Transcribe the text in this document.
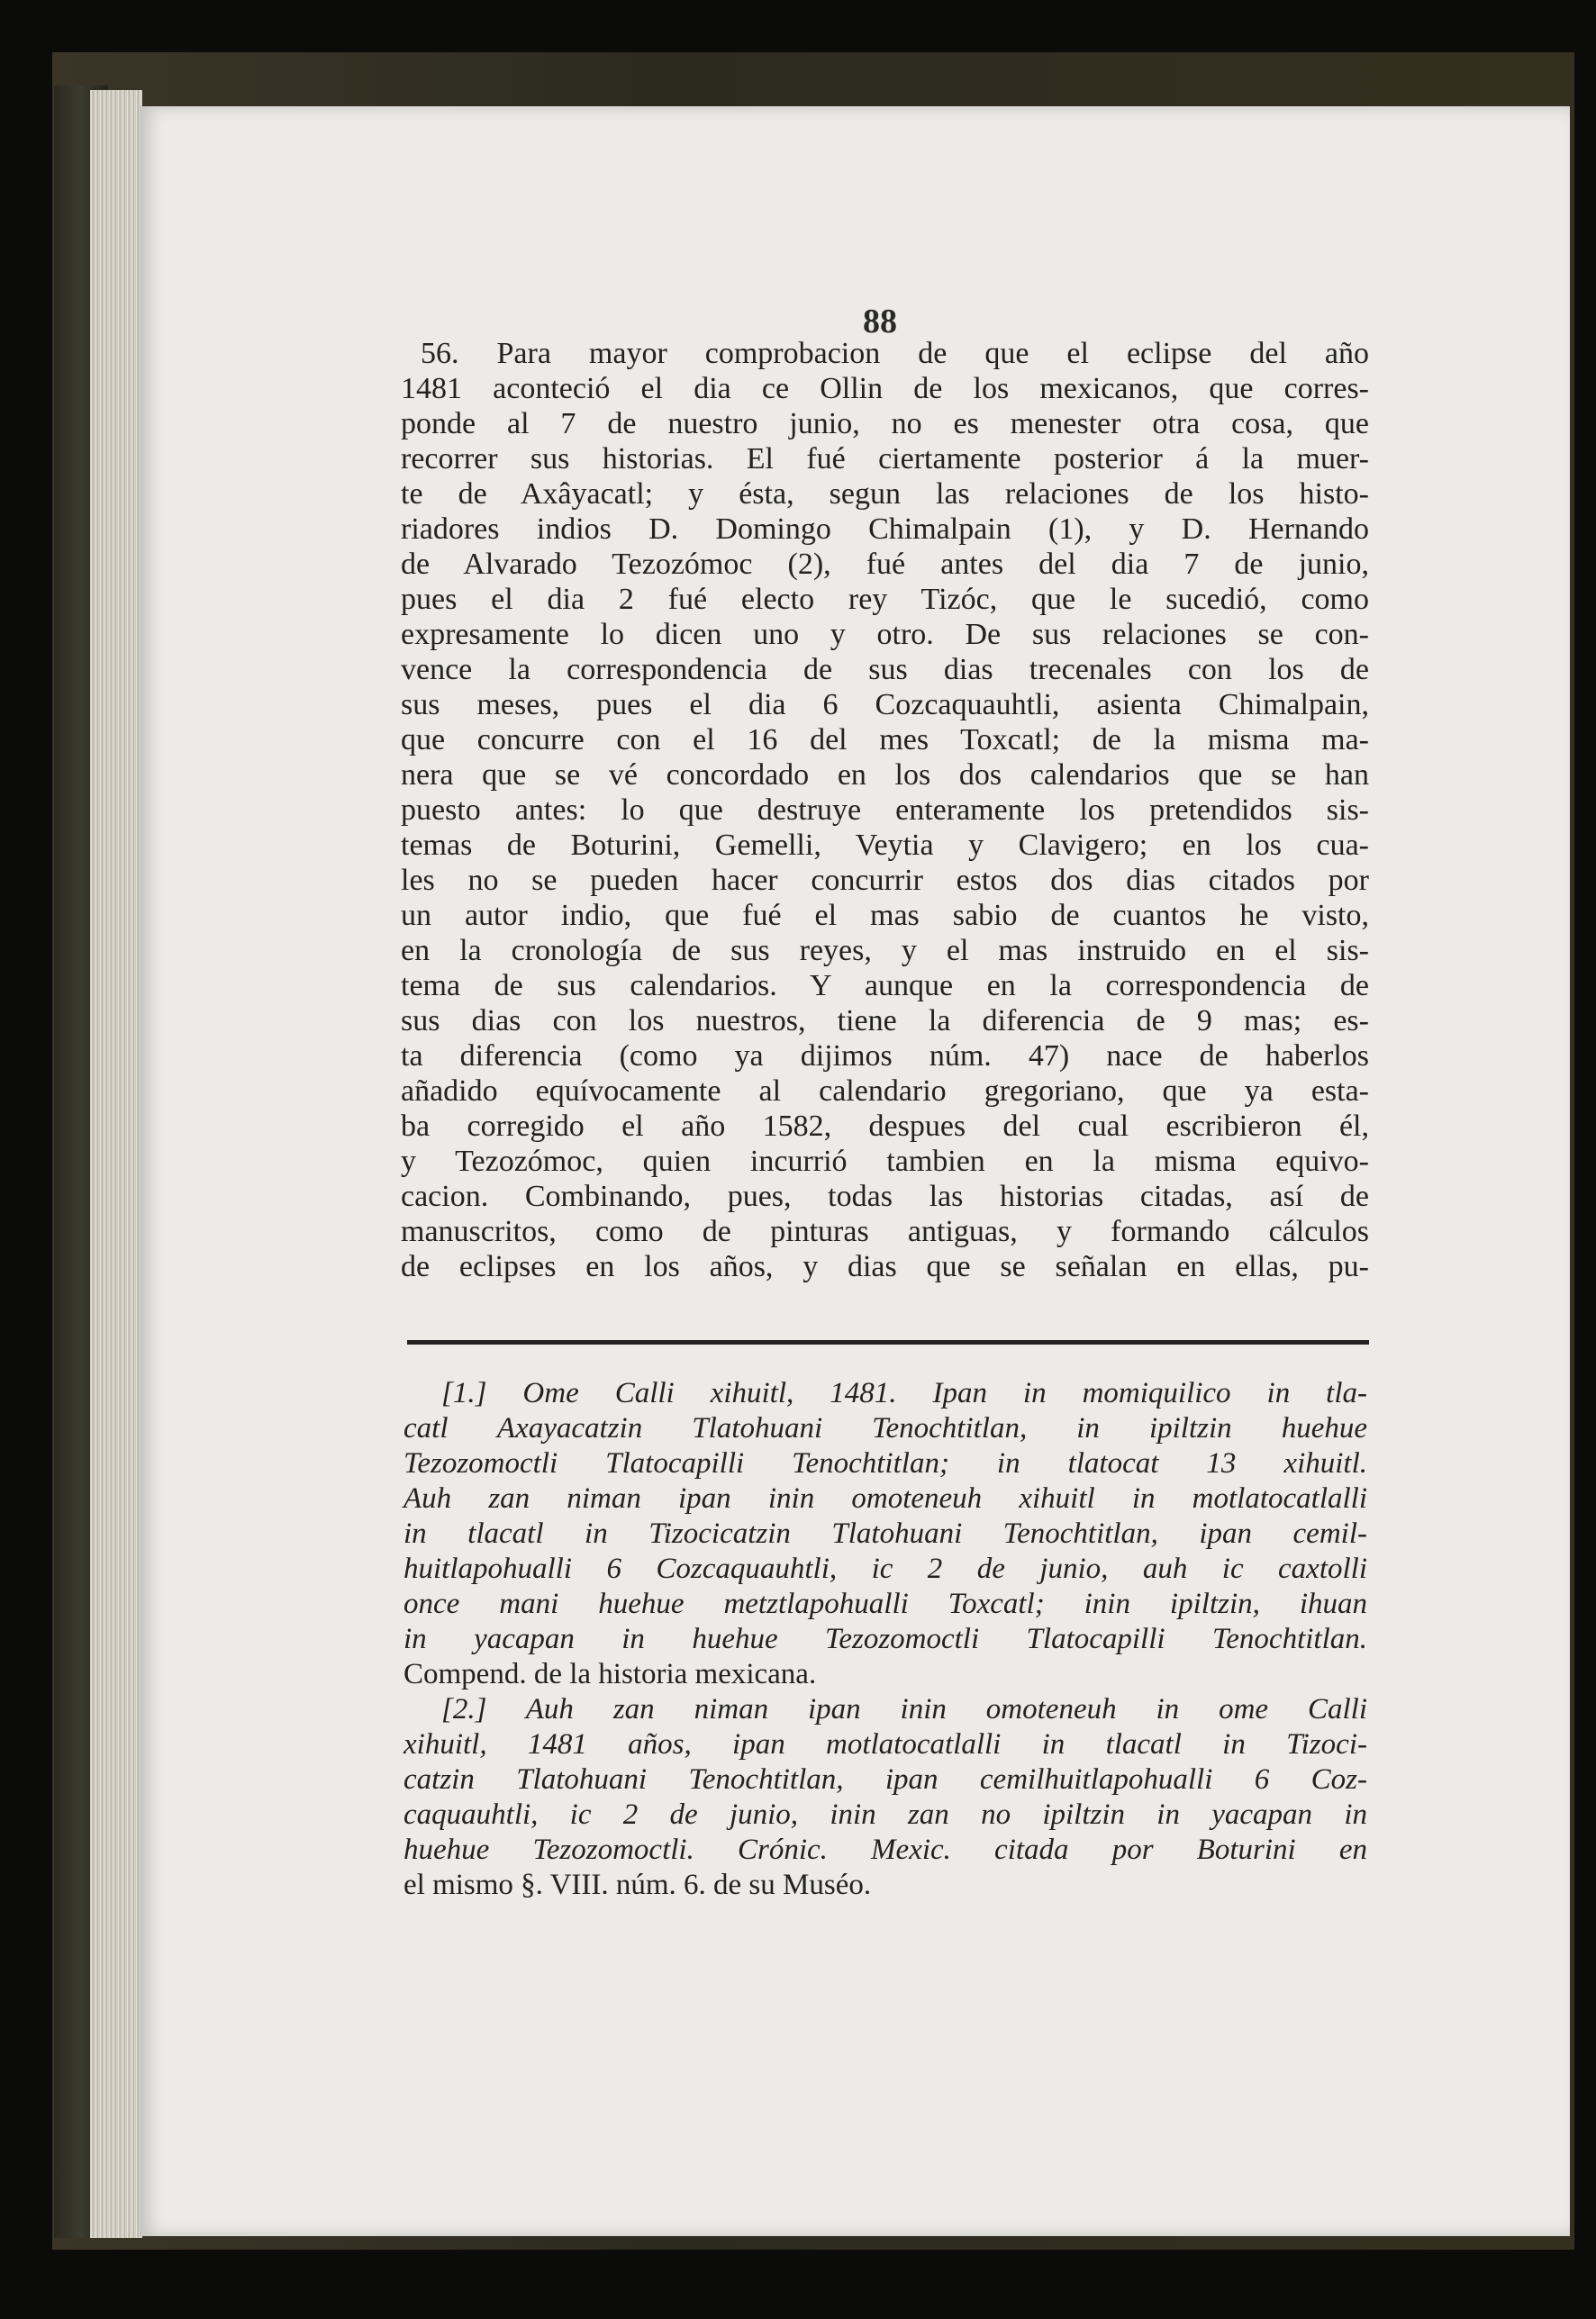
88
56. Para mayor comprobacion de que el eclipse del año
1481 aconteció el dia ce Ollin de los mexicanos, que corres-
ponde al 7 de nuestro junio, no es menester otra cosa, que
recorrer sus historias. El fué ciertamente posterior á la muer-
te de Axâyacatl; y ésta, segun las relaciones de los histo-
riadores indios D. Domingo Chimalpain (1), y D. Hernando
de Alvarado Tezozómoc (2), fué antes del dia 7 de junio,
pues el dia 2 fué electo rey Tizóc, que le sucedió, como
expresamente lo dicen uno y otro. De sus relaciones se con-
vence la correspondencia de sus dias trecenales con los de
sus meses, pues el dia 6 Cozcaquauhtli, asienta Chimalpain,
que concurre con el 16 del mes Toxcatl; de la misma ma-
nera que se vé concordado en los dos calendarios que se han
puesto antes: lo que destruye enteramente los pretendidos sis-
temas de Boturini, Gemelli, Veytia y Clavigero; en los cua-
les no se pueden hacer concurrir estos dos dias citados por
un autor indio, que fué el mas sabio de cuantos he visto,
en la cronología de sus reyes, y el mas instruido en el sis-
tema de sus calendarios. Y aunque en la correspondencia de
sus dias con los nuestros, tiene la diferencia de 9 mas; es-
ta diferencia (como ya dijimos núm. 47) nace de haberlos
añadido equívocamente al calendario gregoriano, que ya esta-
ba corregido el año 1582, despues del cual escribieron él,
y Tezozómoc, quien incurrió tambien en la misma equivo-
cacion. Combinando, pues, todas las historias citadas, así de
manuscritos, como de pinturas antiguas, y formando cálculos
de eclipses en los años, y dias que se señalan en ellas, pu-
[1.] Ome Calli xihuitl, 1481. Ipan in momiquilico in tla-
catl Axayacatzin Tlatohuani Tenochtitlan, in ipiltzin huehue
Tezozomoctli Tlatocapilli Tenochtitlan; in tlatocat 13 xihuitl.
Auh zan niman ipan inin omoteneuh xihuitl in motlatocatlalli
in tlacatl in Tizocicatzin Tlatohuani Tenochtitlan, ipan cemil-
huitlapohualli 6 Cozcaquauhtli, ic 2 de junio, auh ic caxtolli
once mani huehue metztlapohualli Toxcatl; inin ipiltzin, ihuan
in yacapan in huehue Tezozomoctli Tlatocapilli Tenochtitlan.
Compend. de la historia mexicana.
[2.] Auh zan niman ipan inin omoteneuh in ome Calli
xihuitl, 1481 años, ipan motlatocatlalli in tlacatl in Tizoci-
catzin Tlatohuani Tenochtitlan, ipan cemilhuitlapohualli 6 Coz-
caquauhtli, ic 2 de junio, inin zan no ipiltzin in yacapan in
huehue Tezozomoctli. Crónic. Mexic. citada por Boturini en
el mismo §. VIII. núm. 6. de su Muséo.
